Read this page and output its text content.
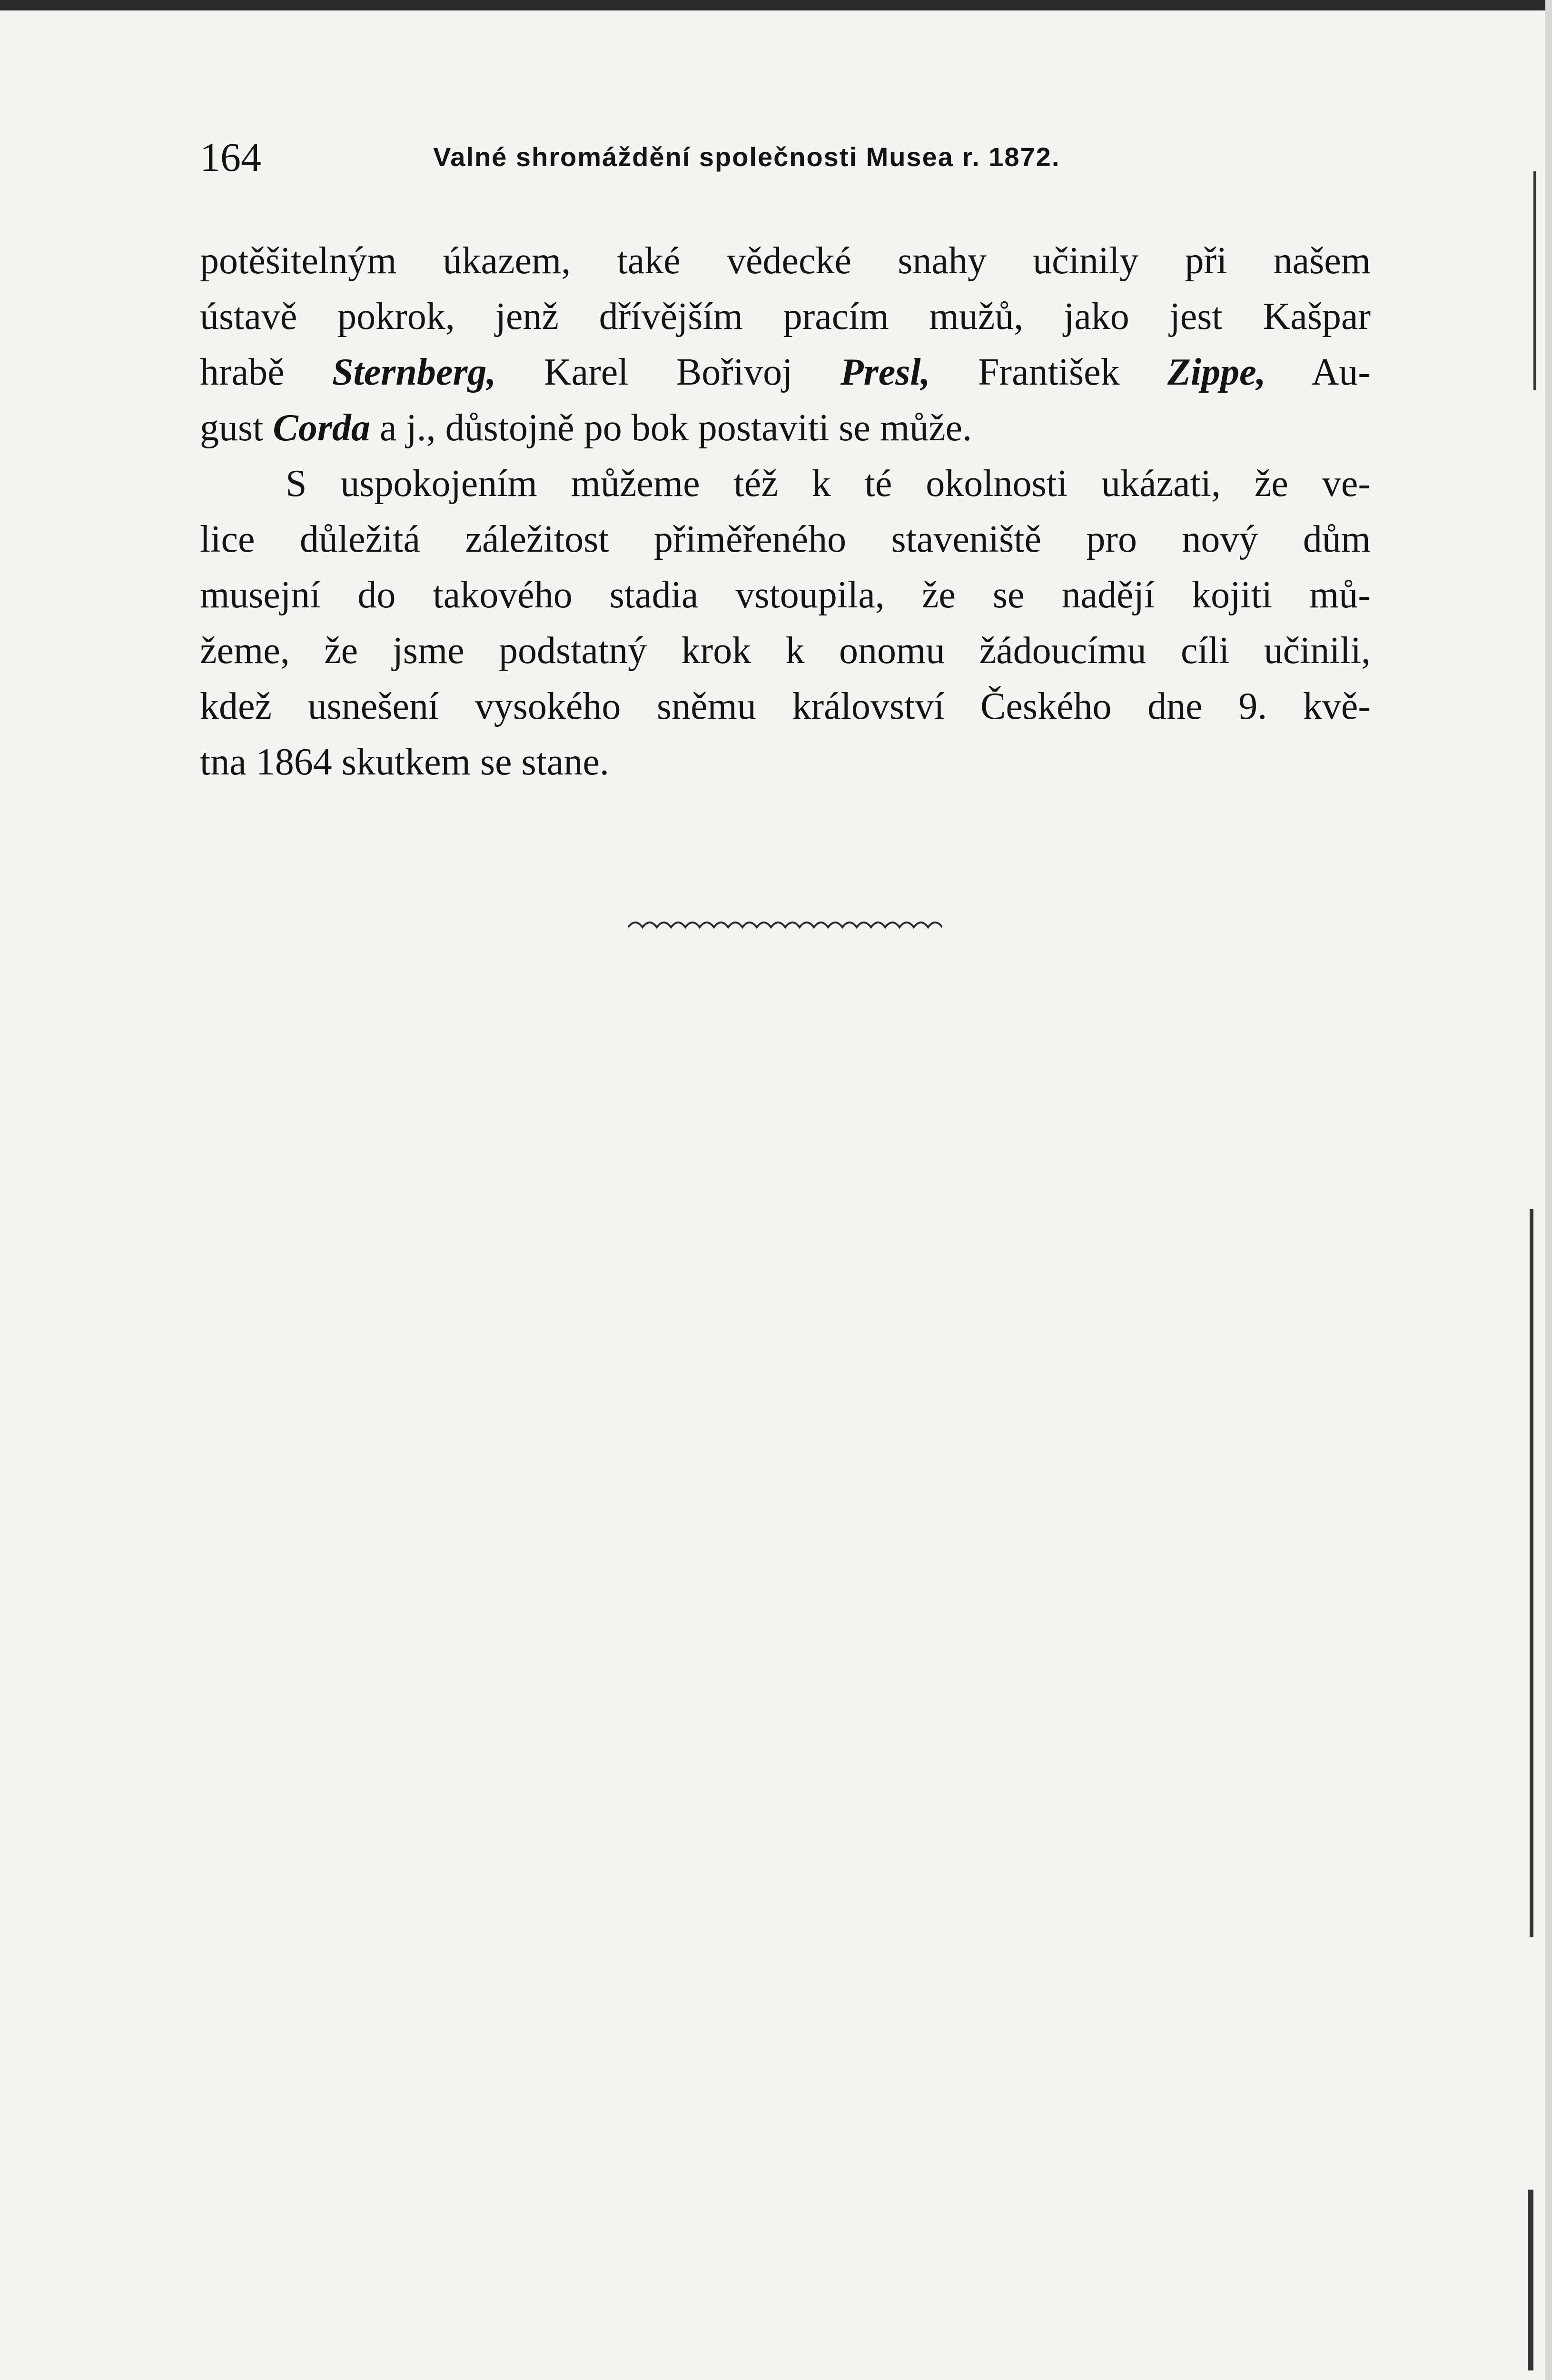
164	Valné shromáždění společnosti Musea r. 1872.
potěšitelným úkazem, také vědecké snahy učinily při našem
ústavě pokrok, jenž dřívějším pracím mužů, jako jest Kašpar
hrabě Sternberg, Karel Bořivoj Presl, František Zippe, Au-
gust Corda a j., důstojně po bok postaviti se může.
S uspokojením můžeme též k té okolnosti ukázati, že ve-
lice důležitá záležitost přiměřeného staveniště pro nový dům
musejní do takového stadia vstoupila, že se nadějí kojiti mů-
žeme, že jsme podstatný krok k onomu žádoucímu cíli učinili,
kdež usnešení vysokého sněmu království Českého dne 9. kvě-
tna 1864 skutkem se stane.
